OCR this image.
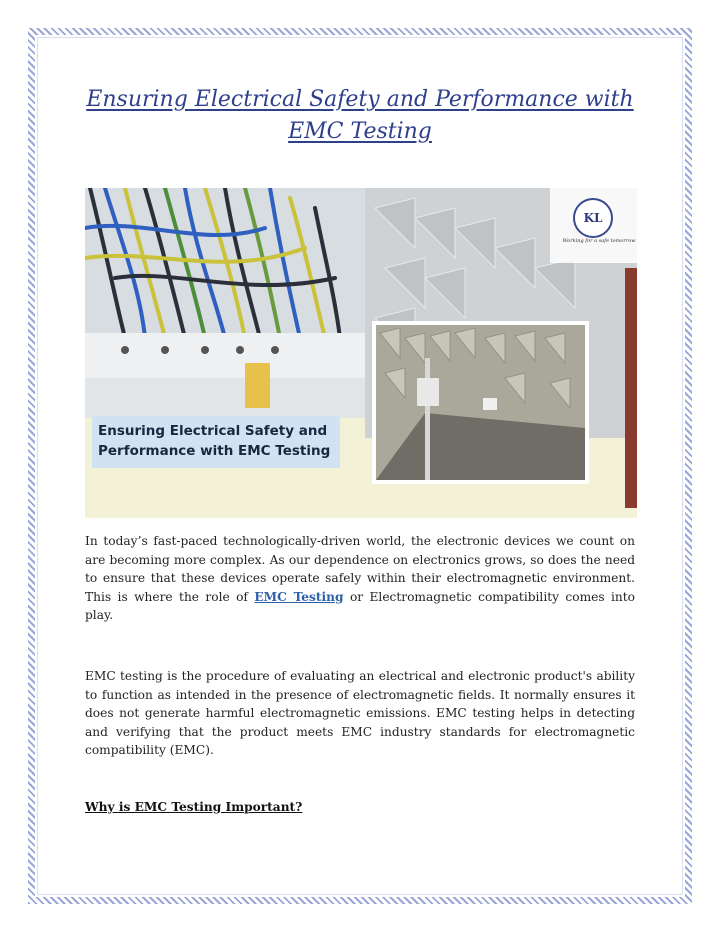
Ensuring Electrical Safety and Performance with EMC Testing
Ensuring Electrical Safety and
Performance with EMC Testing
KL
Working for a safe tomorrow

In today’s fast-paced technologically-driven world, the electronic devices we count on are becoming more complex. As our dependence on electronics grows, so does the need to ensure that these devices operate safely within their electromagnetic environment. This is where the role of EMC Testing or Electromagnetic compatibility comes into play.

EMC testing is the procedure of evaluating an electrical and electronic product's ability to function as intended in the presence of electromagnetic fields. It normally ensures it does not generate harmful electromagnetic emissions. EMC testing helps in detecting and verifying that the product meets EMC industry standards for electromagnetic compatibility (EMC).

Why is EMC Testing Important?
